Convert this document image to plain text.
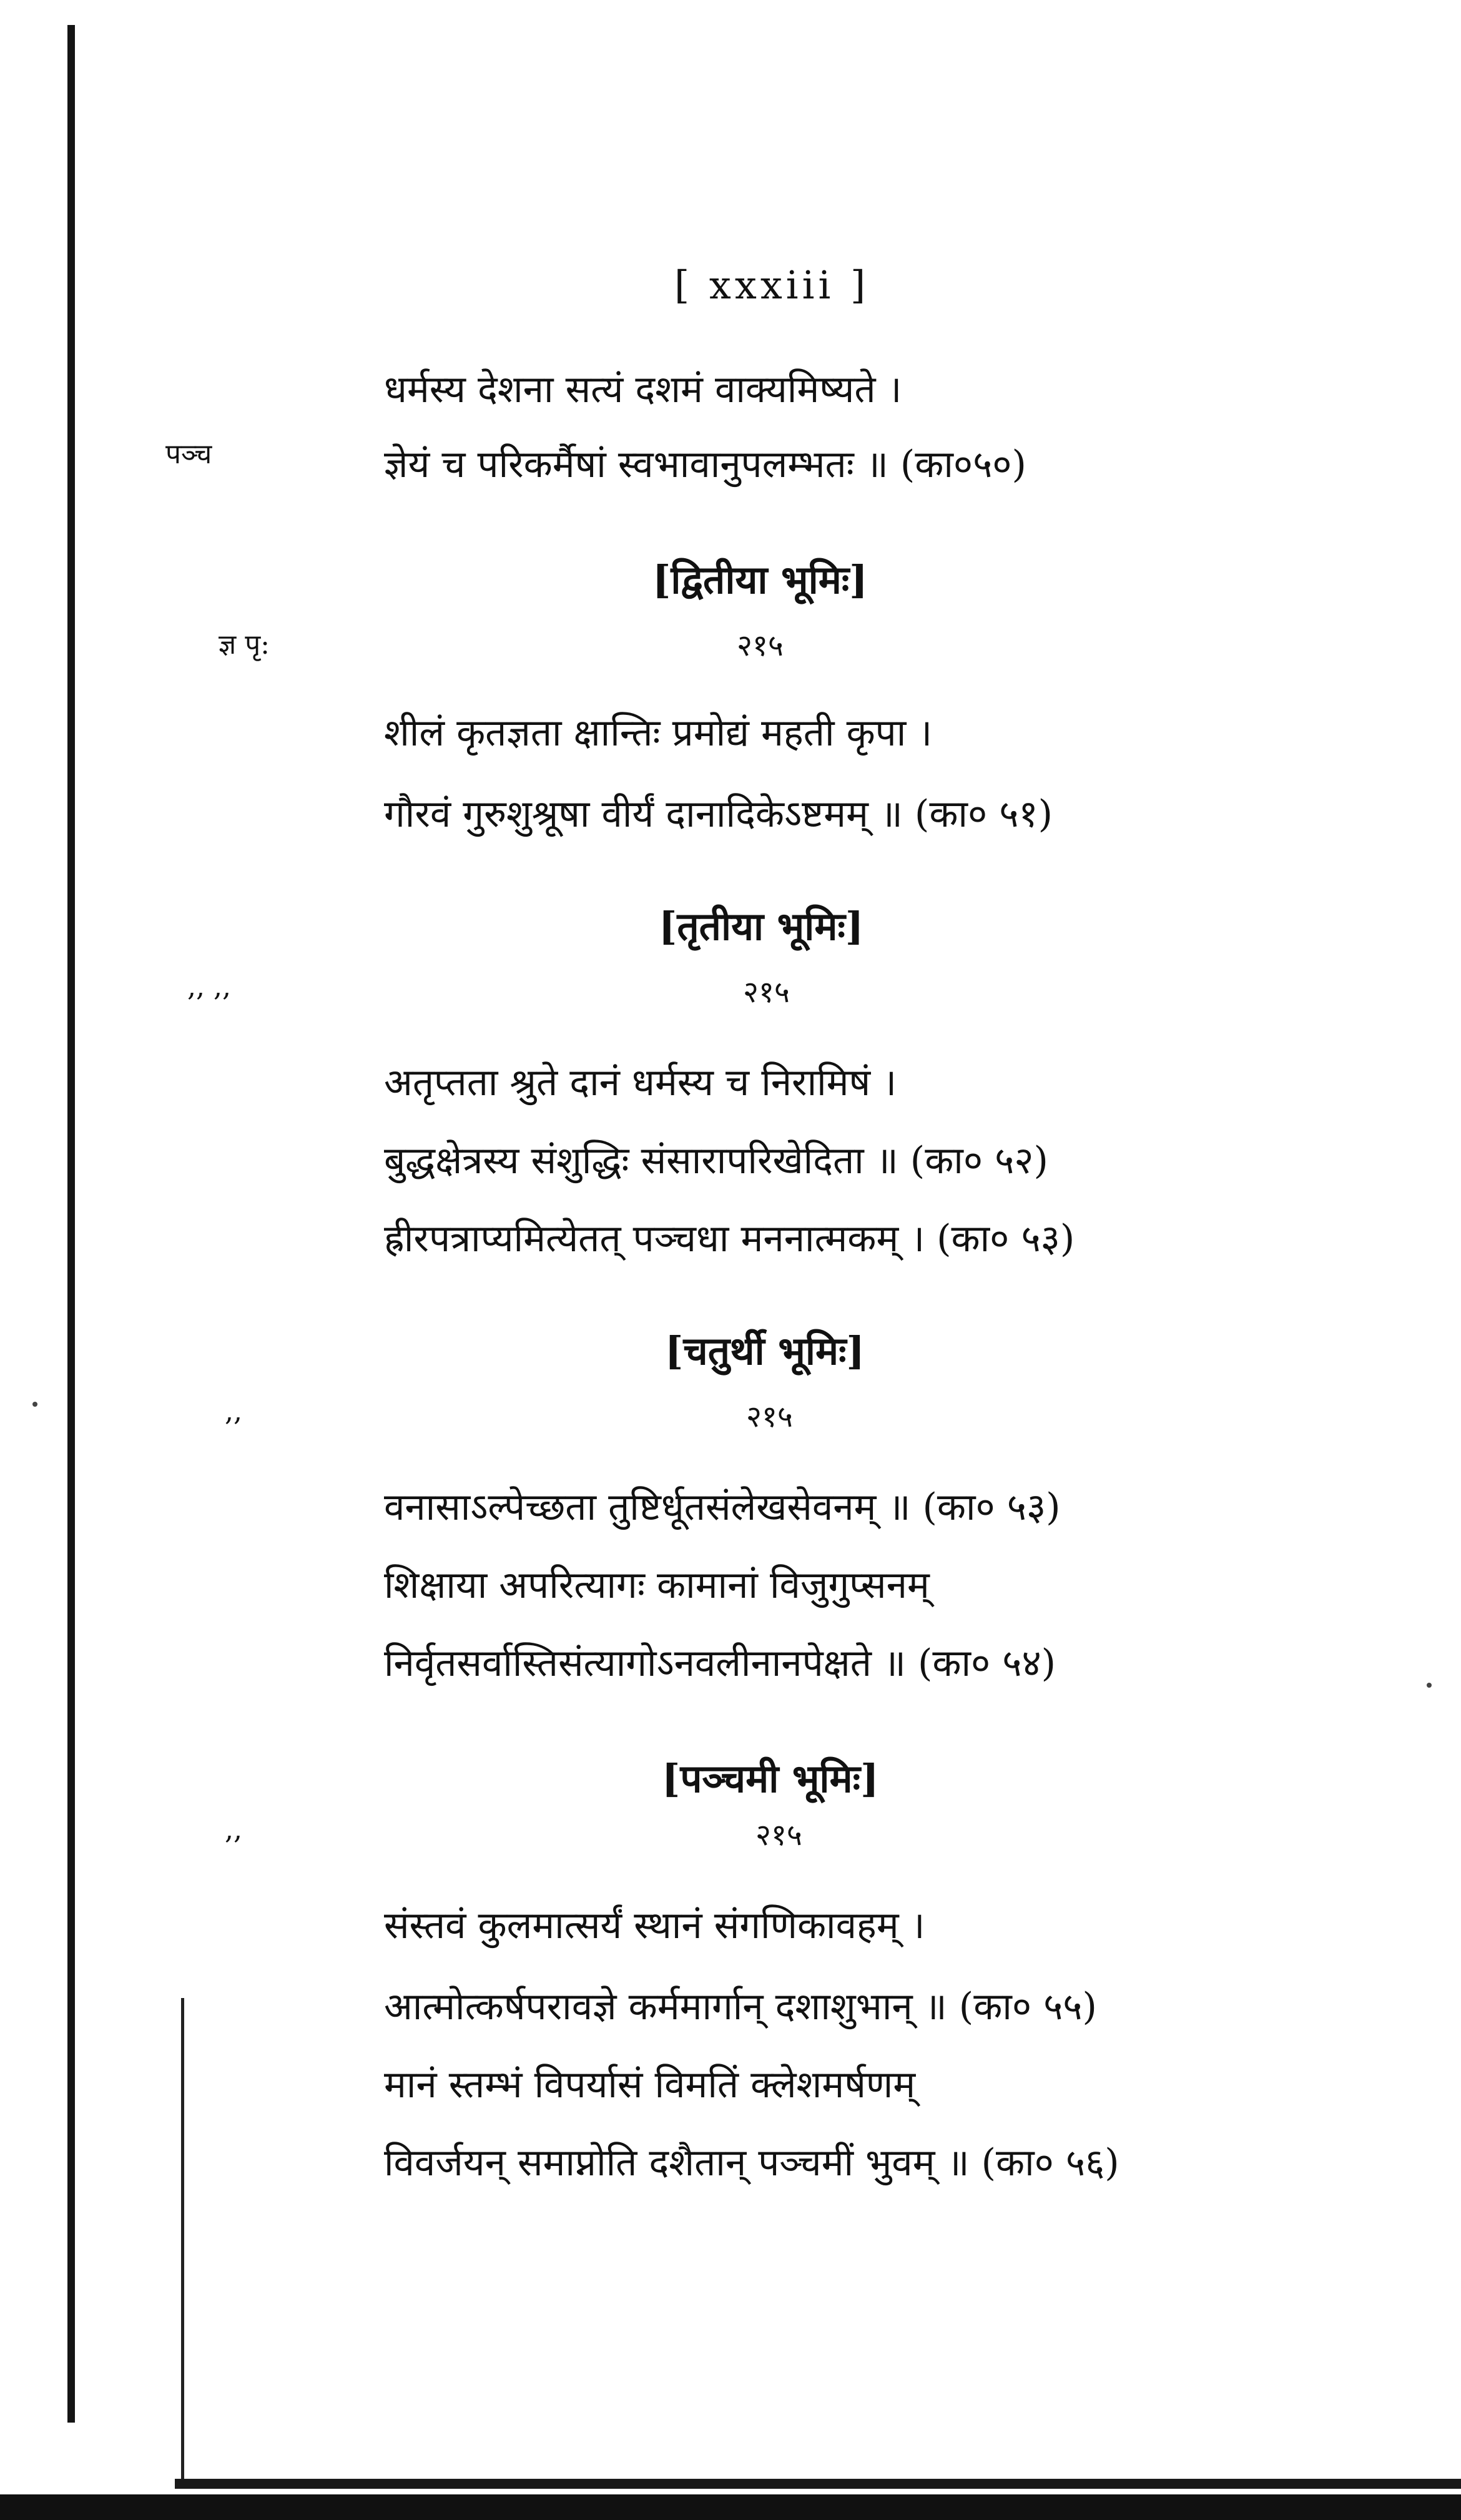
[ xxxiii ]
पञ्च
ज्ञ पृ:
,, ,,
,,
,,
धर्मस्य देशना सत्यं दशमं वाक्यमिष्यते ।
ज्ञेयं च परिकर्मैषां स्वभावानुपलम्भतः ॥ (का०५०)
[द्वितीया भूमिः]
२१५
शीलं कृतज्ञता क्षान्तिः प्रमोद्यं महती कृपा ।
गौरवं गुरुशुश्रूषा वीर्यं दानादिकेऽष्टमम् ॥ (का० ५१)
[तृतीया भूमिः]
२१५
अतृप्तता श्रुते दानं धर्मस्य च निरामिषं ।
बुद्धक्षेत्रस्य संशुद्धिः संसारापरिखेदिता ॥ (का० ५२)
ह्रीरपत्राप्यमित्येतत् पञ्चधा मननात्मकम् । (का० ५३)
[चतुर्थी भूमिः]
२१५
वनासाऽल्पेच्छता तुष्टिर्धूतसंलेखसेवनम् ॥ (का० ५३)
शिक्षाया अपरित्यागः कामानां विजुगुप्सनम्
निर्वृतसर्वास्तिसंत्यागोऽनवलीनानपेक्षते ॥ (का० ५४)
[पञ्चमी भूमिः]
२१५
संस्तवं कुलमात्सर्यं स्थानं संगणिकावहम् ।
आत्मोत्कर्षपरावज्ञे कर्ममार्गान् दशाशुभान् ॥ (का० ५५)
मानं स्तम्भं विपर्यासं विमतिं क्लेशमर्षणम्
विवर्जयन् समाप्नोति दशैतान् पञ्चमीं भुवम् ॥ (का० ५६)
